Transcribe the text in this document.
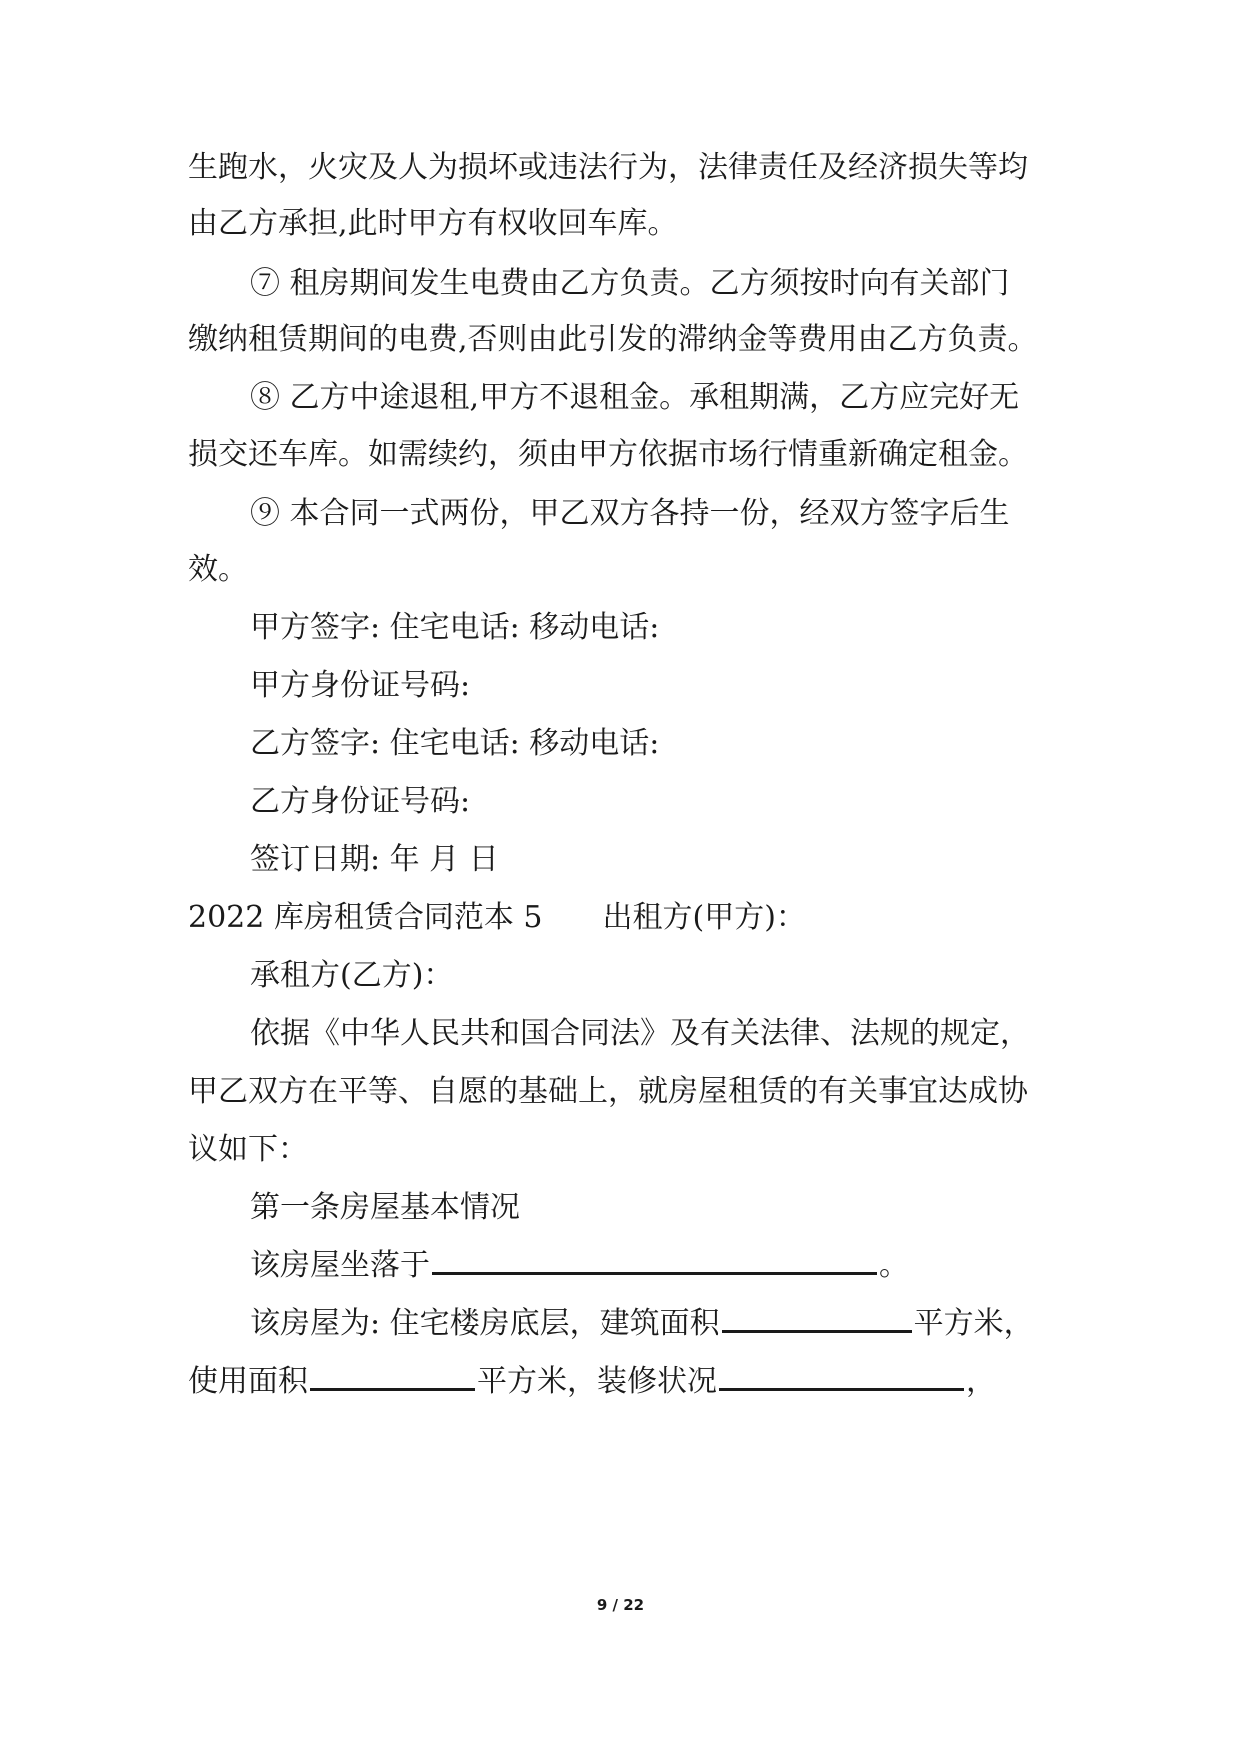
生跑水，火灾及人为损坏或违法行为，法律责任及经济损失等均
由乙方承担,此时甲方有权收回车库。
⑦ 租房期间发生电费由乙方负责。乙方须按时向有关部门
缴纳租赁期间的电费,否则由此引发的滞纳金等费用由乙方负责。
⑧ 乙方中途退租,甲方不退租金。承租期满，乙方应完好无
损交还车库。如需续约，须由甲方依据市场行情重新确定租金。
⑨ 本合同一式两份，甲乙双方各持一份，经双方签字后生
效。
甲方签字: 住宅电话: 移动电话:
甲方身份证号码:
乙方签字: 住宅电话: 移动电话:
乙方身份证号码:
签订日期: 年 月 日
2022 库房租赁合同范本 5 出租方(甲方)：
承租方(乙方)：
依据《中华人民共和国合同法》及有关法律、法规的规定，
甲乙双方在平等、自愿的基础上，就房屋租赁的有关事宜达成协
议如下：
第一条房屋基本情况
该房屋坐落于	。
该房屋为: 住宅楼房底层，建筑面积	平方米，
使用面积	平方米，装修状况	，
9 / 22
